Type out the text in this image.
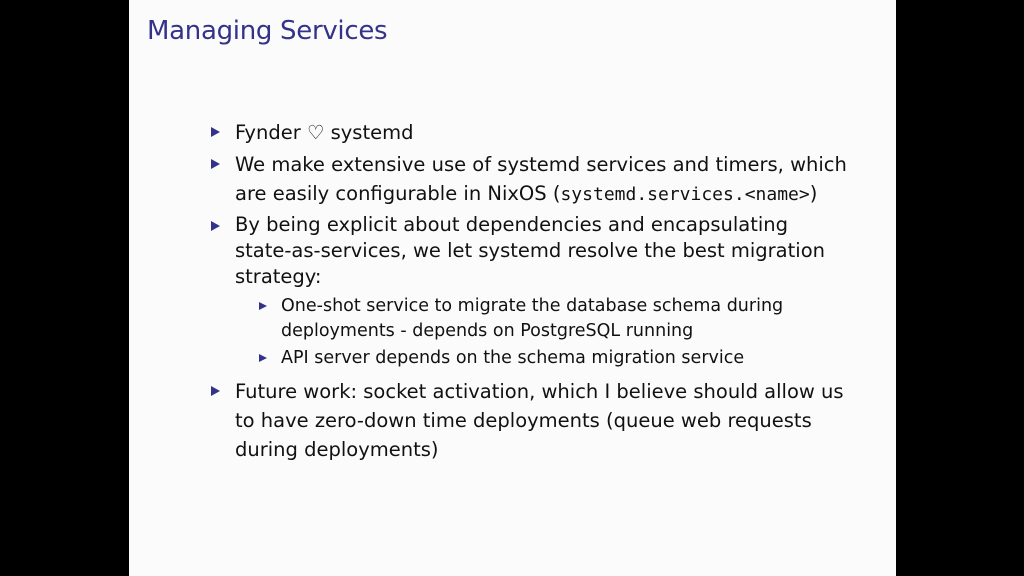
Managing Services
Fynder ♡ systemd
We make extensive use of systemd services and timers, which
are easily configurable in NixOS (systemd.services.<name>)
By being explicit about dependencies and encapsulating
state-as-services, we let systemd resolve the best migration
strategy:
One-shot service to migrate the database schema during
deployments - depends on PostgreSQL running
API server depends on the schema migration service
Future work: socket activation, which I believe should allow us
to have zero-down time deployments (queue web requests
during deployments)
